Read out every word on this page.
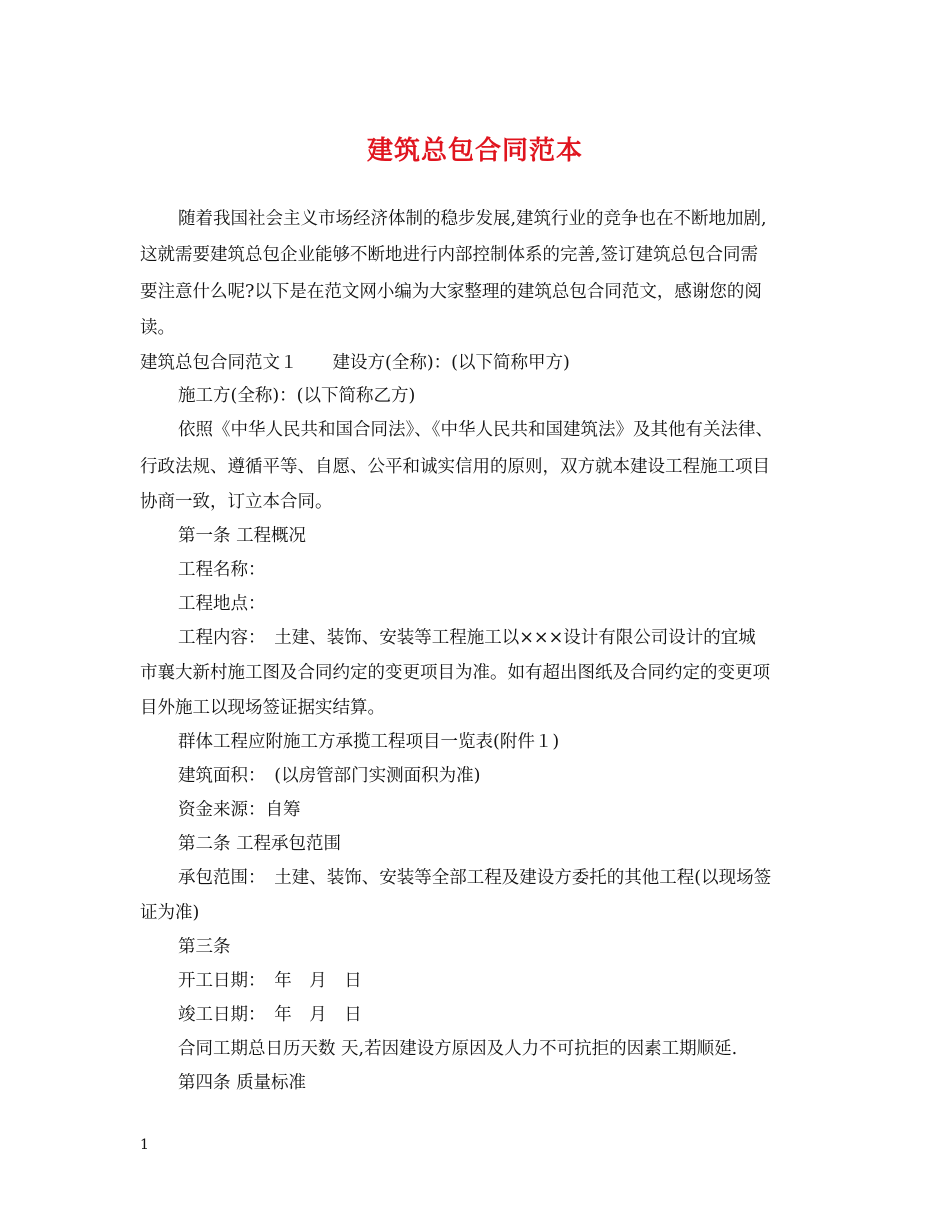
建筑总包合同范本
随着我国社会主义市场经济体制的稳步发展,建筑行业的竞争也在不断地加剧,
这就需要建筑总包企业能够不断地进行内部控制体系的完善,签订建筑总包合同需
要注意什么呢?以下是在范文网小编为大家整理的建筑总包合同范文，感谢您的阅
读。
建筑总包合同范文１　　建设方(全称)：(以下简称甲方)
施工方(全称)：(以下简称乙方)
依照《中华人民共和国合同法》、《中华人民共和国建筑法》及其他有关法律、
行政法规、遵循平等、自愿、公平和诚实信用的原则，双方就本建设工程施工项目
协商一致，订立本合同。
第一条 工程概况
工程名称：
工程地点：
工程内容：　土建、装饰、安装等工程施工以×××设计有限公司设计的宜城
市襄大新村施工图及合同约定的变更项目为准。如有超出图纸及合同约定的变更项
目外施工以现场签证据实结算。
群体工程应附施工方承揽工程项目一览表(附件１)
建筑面积：　(以房管部门实测面积为准)
资金来源：自筹
第二条 工程承包范围
承包范围：　土建、装饰、安装等全部工程及建设方委托的其他工程(以现场签
证为准)
第三条
开工日期：　年　月　日
竣工日期：　年　月　日
合同工期总日历天数 天,若因建设方原因及人力不可抗拒的因素工期顺延.
第四条 质量标准
1
